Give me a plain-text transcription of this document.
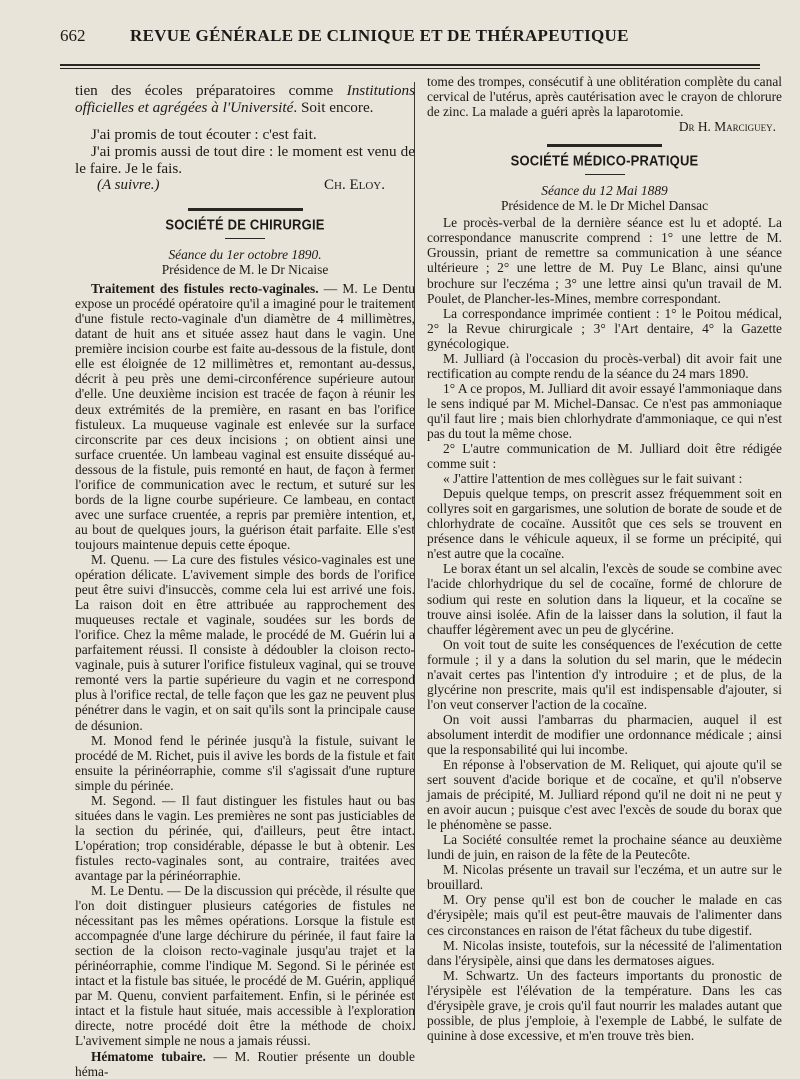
662	REVUE GÉNÉRALE DE CLINIQUE ET DE THÉRAPEUTIQUE

tien des écoles préparatoires comme Institutions officielles et agrégées à l'Université. Soit encore.

J'ai promis de tout écouter : c'est fait.

J'ai promis aussi de tout dire : le moment est venu de le faire. Je le fais.

(A suivre.)	Ch. Eloy.
SOCIÉTÉ DE CHIRURGIE

Séance du 1er octobre 1890.

Présidence de M. le Dr Nicaise

Traitement des fistules recto-vaginales. — M. Le Dentu expose un procédé opératoire qu'il a imaginé pour le traitement d'une fistule recto-vaginale d'un diamètre de 4 millimètres, datant de huit ans et située assez haut dans le vagin. Une première incision courbe est faite au-dessous de la fistule, dont elle est éloignée de 12 millimètres et, remontant au-dessus, décrit à peu près une demi-circonférence supérieure autour d'elle. Une deuxième incision est tracée de façon à réunir les deux extrémités de la première, en rasant en bas l'orifice fistuleux. La muqueuse vaginale est enlevée sur la surface circonscrite par ces deux incisions ; on obtient ainsi une surface cruentée. Un lambeau vaginal est ensuite disséqué au-dessous de la fistule, puis remonté en haut, de façon à fermer l'orifice de communication avec le rectum, et suturé sur les bords de la ligne courbe supérieure. Ce lambeau, en contact avec une surface cruentée, a repris par première intention, et, au bout de quelques jours, la guérison était parfaite. Elle s'est toujours maintenue depuis cette époque.

M. Quenu. — La cure des fistules vésico-vaginales est une opération délicate. L'avivement simple des bords de l'orifice peut être suivi d'insuccès, comme cela lui est arrivé une fois. La raison doit en être attribuée au rapprochement des muqueuses rectale et vaginale, soudées sur les bords de l'orifice. Chez la même malade, le procédé de M. Guérin lui a parfaitement réussi. Il consiste à dédoubler la cloison recto-vaginale, puis à suturer l'orifice fistuleux vaginal, qui se trouve remonté vers la partie supérieure du vagin et ne correspond plus à l'orifice rectal, de telle façon que les gaz ne peuvent plus pénétrer dans le vagin, et on sait qu'ils sont la principale cause de désunion.

M. Monod fend le périnée jusqu'à la fistule, suivant le procédé de M. Richet, puis il avive les bords de la fistule et fait ensuite la périnéorraphie, comme s'il s'agissait d'une rupture simple du périnée.

M. Segond. — Il faut distinguer les fistules haut ou bas situées dans le vagin. Les premières ne sont pas justiciables de la section du périnée, qui, d'ailleurs, peut être intact. L'opération; trop considérable, dépasse le but à obtenir. Les fistules recto-vaginales sont, au contraire, traitées avec avantage par la périnéorraphie.

M. Le Dentu. — De la discussion qui précède, il résulte que l'on doit distinguer plusieurs catégories de fistules ne nécessitant pas les mêmes opérations. Lorsque la fistule est accompagnée d'une large déchirure du périnée, il faut faire la section de la cloison recto-vaginale jusqu'au trajet et la périnéorraphie, comme l'indique M. Segond. Si le périnée est intact et la fistule bas située, le procédé de M. Guérin, appliqué par M. Quenu, convient parfaitement. Enfin, si le périnée est intact et la fistule haut située, mais accessible à l'exploration directe, notre procédé doit être la méthode de choix. L'avivement simple ne nous a jamais réussi.

Hématome tubaire. — M. Routier présente un double héma-

tome des trompes, consécutif à une oblitération complète du canal cervical de l'utérus, après cautérisation avec le crayon de chlorure de zinc. La malade a guéri après la laparotomie.

Dr H. Marciguey.

SOCIÉTÉ MÉDICO-PRATIQUE

Séance du 12 Mai 1889

Présidence de M. le Dr Michel Dansac

Le procès-verbal de la dernière séance est lu et adopté. La correspondance manuscrite comprend : 1° une lettre de M. Groussin, priant de remettre sa communication à une séance ultérieure ; 2° une lettre de M. Puy Le Blanc, ainsi qu'une brochure sur l'eczéma ; 3° une lettre ainsi qu'un travail de M. Poulet, de Plancher-les-Mines, membre correspondant.

La correspondance imprimée contient : 1° le Poitou médical, 2° la Revue chirurgicale ; 3° l'Art dentaire, 4° la Gazette gynécologique.

M. Julliard (à l'occasion du procès-verbal) dit avoir fait une rectification au compte rendu de la séance du 24 mars 1890.

1° A ce propos, M. Julliard dit avoir essayé l'ammoniaque dans le sens indiqué par M. Michel-Dansac. Ce n'est pas ammoniaque qu'il faut lire ; mais bien chlorhydrate d'ammoniaque, ce qui n'est pas du tout la même chose.

2° L'autre communication de M. Julliard doit être rédigée comme suit :

« J'attire l'attention de mes collègues sur le fait suivant :

Depuis quelque temps, on prescrit assez fréquemment soit en collyres soit en gargarismes, une solution de borate de soude et de chlorhydrate de cocaïne. Aussitôt que ces sels se trouvent en présence dans le véhicule aqueux, il se forme un précipité, qui n'est autre que la cocaïne.

Le borax étant un sel alcalin, l'excès de soude se combine avec l'acide chlorhydrique du sel de cocaïne, formé de chlorure de sodium qui reste en solution dans la liqueur, et la cocaïne se trouve ainsi isolée. Afin de la laisser dans la solution, il faut la chauffer légèrement avec un peu de glycérine.

On voit tout de suite les conséquences de l'exécution de cette formule ; il y a dans la solution du sel marin, que le médecin n'avait certes pas l'intention d'y introduire ; et de plus, de la glycérine non prescrite, mais qu'il est indispensable d'ajouter, si l'on veut conserver l'action de la cocaïne.

On voit aussi l'ambarras du pharmacien, auquel il est absolument interdit de modifier une ordonnance médicale ; ainsi que la responsabilité qui lui incombe.

En réponse à l'observation de M. Reliquet, qui ajoute qu'il se sert souvent d'acide borique et de cocaïne, et qu'il n'observe jamais de précipité, M. Julliard répond qu'il ne doit ni ne peut y en avoir aucun ; puisque c'est avec l'excès de soude du borax que le phénomène se passe.

La Société consultée remet la prochaine séance au deuxième lundi de juin, en raison de la fête de la Peutecôte.

M. Nicolas présente un travail sur l'eczéma, et un autre sur le brouillard.

M. Ory pense qu'il est bon de coucher le malade en cas d'érysipèle; mais qu'il est peut-être mauvais de l'alimenter dans ces circonstances en raison de l'état fâcheux du tube digestif.

M. Nicolas insiste, toutefois, sur la nécessité de l'alimentation dans l'érysipèle, ainsi que dans les dermatoses aigues.

M. Schwartz. Un des facteurs importants du pronostic de l'érysipèle est l'élévation de la température. Dans les cas d'érysipèle grave, je crois qu'il faut nourrir les malades autant que possible, de plus j'emploie, à l'exemple de Labbé, le sulfate de quinine à dose excessive, et m'en trouve très bien.
